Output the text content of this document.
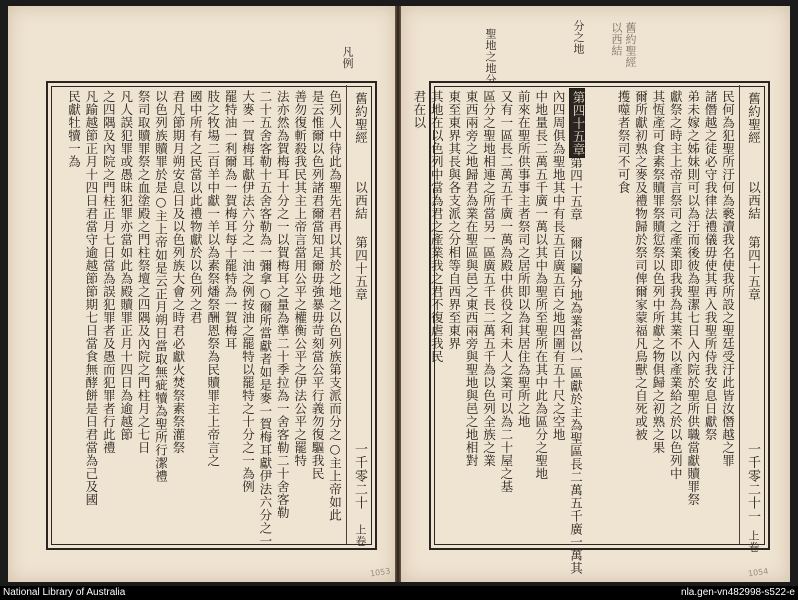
凡例
舊約聖經
以西結
第四十五章
一千零二十
上卷
色列人中待此為聖先君再以其於之地之以色列族第支派而分之○主上帝如此
是云惟爾以色列諸君爾當知足爾毋強暴毋苛刻當公平行義勿復驅我民
善勿復斬殺我民其主上帝言當用公平之權衡公平之伊法公平之罷特
法亦然為賀梅耳十分之一以賀梅耳之量為準二十季拉為一舍客勒二十舍客勒
二十五舍客勒十五舍客勒為一彌拿○爾所當獻者如是麥一賀梅耳獻伊法六分之一
大麥一賀梅耳獻伊法六分之一油之例按油之罷特以罷特之十分之一為例
罷特油一利爾為一賀梅耳每十罷特為一賀梅耳
肢之牧場二百羊中獻一羊以為素祭燔祭酬恩祭為民贖罪主上帝言之
國中所有之民當以此禮物獻於以色列之君
君凡節期月朔安息日及以色列族大會之時君必獻火焚祭素祭灌祭
以色列族贖罪於是○主上帝如是云正月朔日當取無疵犢為聖所行潔禮
祭司取贖罪祭之血塗殿之門柱祭壇之四隅及內院之門柱月之七日
凡人誤犯罪或愚昧犯罪亦當如此為殿贖罪正月十四日為逾越節
之四隅及內院之門柱正月七日當為誤犯罪者及愚而犯罪者行此禮
凡踰越節正月十四日君當守逾越節節期七日當食無酵餅是日君當為己及國
民獻牡犢一為
舊約聖經
以西結
分之地
聖地之地分
舊約聖經
以西結
第四十五章
一千零二十一
上卷
第四十五章	民何為犯聖所汙何為褻瀆我名使我所設之聖廷受汙此皆汝僭越之罪
諸僭越之徒必守我律法禮儀毋使其再入我聖所侍我安息日獻祭
弟未嫁之姊妹則可以為汙而後彼為聖潔七日入內院於聖所供職當獻贖罪祭
獻祭之時主上帝言祭司之產業即我我為其業不以產業給之於以色列中
其恆產可食素祭贖罪祭贖愆祭以色列中所獻之物俱歸之初熟之果
爾所獻初熟之麥及禮物歸於祭司俾爾家蒙福凡鳥獸之自死或被
擭噬者祭司不可食
第四十五章 爾以鬮分地為業當以一區獻於主為聖區長二萬五千廣一萬其
內四周俱為聖地其中有長五百廣五百之地四圍有五十尺之空地
中地量長二萬五千廣一萬以其中為聖所至聖所在其中此為區分之聖地
前來在聖所供事事主者祭司之居所即以為其居住為聖所之地
又有一區長二萬五千廣一萬為殿中供役之利未人之業可以為二十屋之基
區分之聖地相連之所當另一區廣五千長二萬五千為以色列全族之業
東西兩旁之地歸君為業在聖區與邑之東西兩旁與聖地與邑之地相對
東至東界其長與各支派之分相等自西界至東界
其地在以色列中當為君之產業我之君不復虐我民
君在以
1053	1054
National Library of Australia	nla.gen-vn482998-s522-e
